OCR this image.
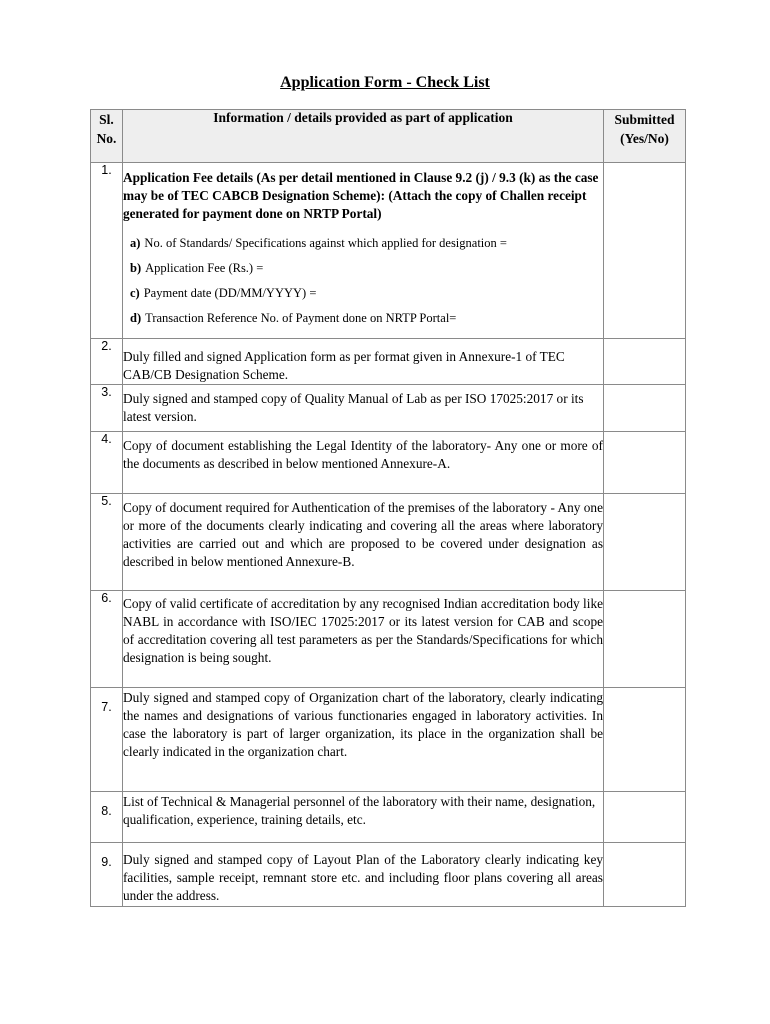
Application Form - Check List
Sl. No.	Information / details provided as part of application	Submitted (Yes/No)
1.	Application Fee details (As per detail mentioned in Clause 9.2 (j) / 9.3 (k) as the case may be of TEC CABCB Designation Scheme): (Attach the copy of Challen receipt generated for payment done on NRTP Portal)
a) No. of Standards/ Specifications against which applied for designation =
b) Application Fee (Rs.) =
c) Payment date (DD/MM/YYYY) =
d) Transaction Reference No. of Payment done on NRTP Portal=	

2.	Duly filled and signed Application form as per format given in Annexure-1 of TEC CAB/CB Designation Scheme.	
3.	Duly signed and stamped copy of Quality Manual of Lab as per ISO 17025:2017 or its latest version.	
4.	Copy of document establishing the Legal Identity of the laboratory- Any one or more of the documents as described in below mentioned Annexure-A.	
5.	Copy of document required for Authentication of the premises of the laboratory - Any one or more of the documents clearly indicating and covering all the areas where laboratory activities are carried out and which are proposed to be covered under designation as described in below mentioned Annexure-B.	
6.	Copy of valid certificate of accreditation by any recognised Indian accreditation body like NABL in accordance with ISO/IEC 17025:2017 or its latest version for CAB and scope of accreditation covering all test parameters as per the Standards/Specifications for which designation is being sought.	
7.	Duly signed and stamped copy of Organization chart of the laboratory, clearly indicating the names and designations of various functionaries engaged in laboratory activities. In case the laboratory is part of larger organization, its place in the organization shall be clearly indicated in the organization chart.	
8.	List of Technical & Managerial personnel of the laboratory with their name, designation, qualification, experience, training details, etc.	
9.	Duly signed and stamped copy of Layout Plan of the Laboratory clearly indicating key facilities, sample receipt, remnant store etc. and including floor plans covering all areas under the address.	
